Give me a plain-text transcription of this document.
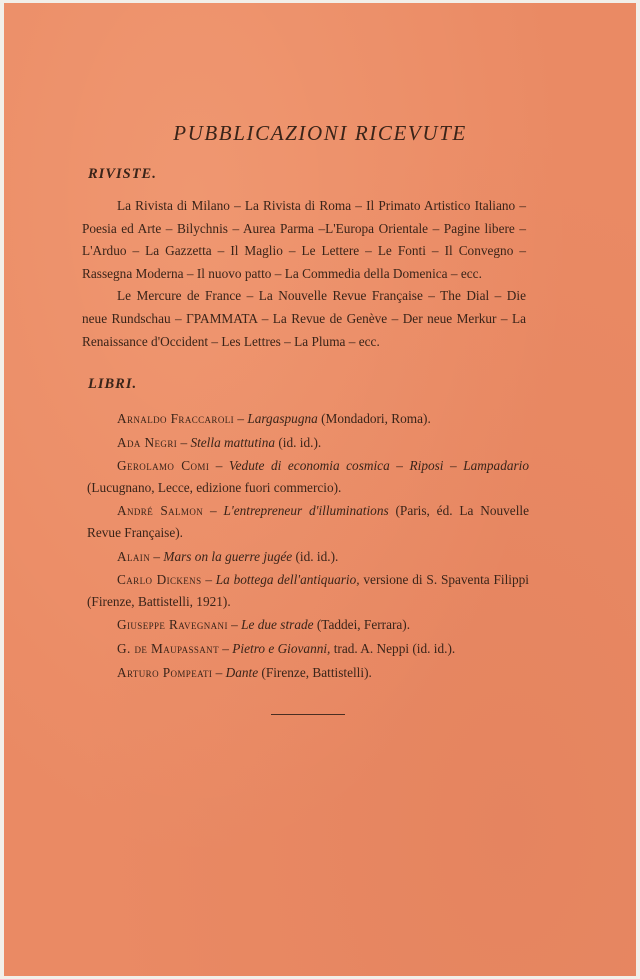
PUBBLICAZIONI RICEVUTE
RIVISTE.

La Rivista di Milano – La Rivista di Roma – Il Primato Artistico Italiano – Poesia ed Arte – Bilychnis – Aurea Parma –L'Europa Orientale – Pagine libere – L'Arduo – La Gazzetta – Il Maglio – Le Lettere – Le Fonti – Il Convegno – Rassegna Moderna – Il nuovo patto – La Commedia della Domenica – ecc.

Le Mercure de France – La Nouvelle Revue Française – The Dial – Die neue Rundschau – ΓΡΑΜΜΑΤΑ – La Revue de Genève – Der neue Merkur – La Renaissance d'Occident – Les Lettres – La Pluma – ecc.

LIBRI.
Arnaldo Fraccaroli – Largaspugna (Mondadori, Roma).
Ada Negri – Stella mattutina (id. id.).
Gerolamo Comi – Vedute di economia cosmica – Riposi – Lampadario (Lucugnano, Lecce, edizione fuori commercio).
André Salmon – L'entrepreneur d'illuminations (Paris, éd. La Nouvelle Revue Française).
Alain – Mars on la guerre jugée (id. id.).
Carlo Dickens – La bottega dell'antiquario, versione di S. Spaventa Filippi (Firenze, Battistelli, 1921).
Giuseppe Ravegnani – Le due strade (Taddei, Ferrara).
G. de Maupassant – Pietro e Giovanni, trad. A. Neppi (id. id.).
Arturo Pompeati – Dante (Firenze, Battistelli).
